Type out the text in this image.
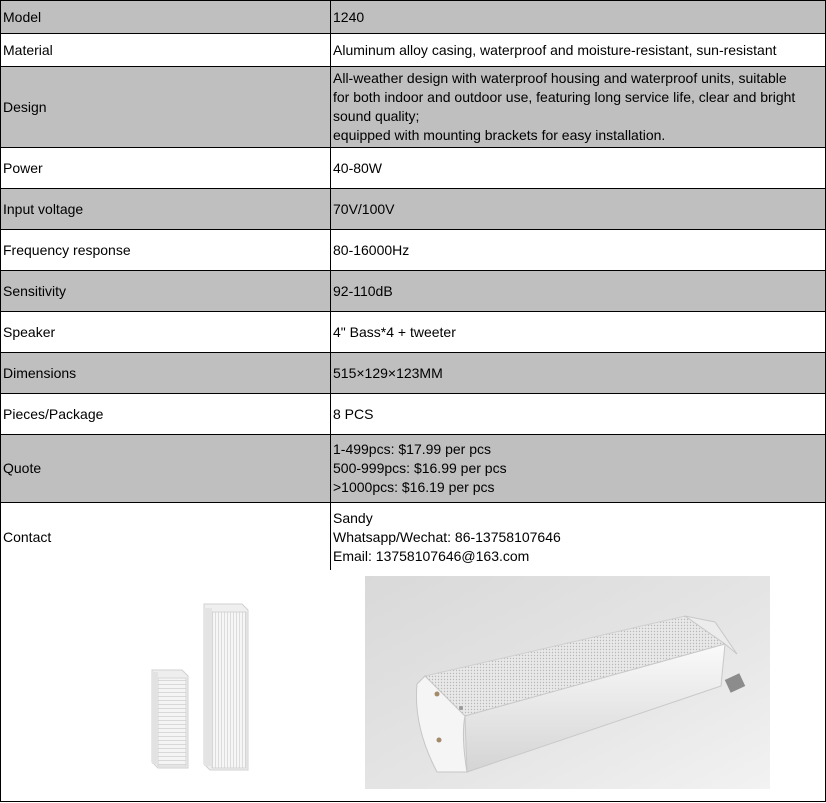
Model	1240
Material	Aluminum alloy casing, waterproof and moisture-resistant, sun-resistant
Design	All-weather design with waterproof housing and waterproof units, suitable
for both indoor and outdoor use, featuring long service life, clear and bright
sound quality;
equipped with mounting brackets for easy installation.
Power	40-80W
Input voltage	70V/100V
Frequency response	80-16000Hz
Sensitivity	92-110dB
Speaker	4" Bass*4 + tweeter
Dimensions	515×129×123MM
Pieces/Package	8 PCS
Quote	1-499pcs: $17.99 per pcs
500-999pcs: $16.99 per pcs
>1000pcs: $16.19 per pcs
Contact	Sandy
Whatsapp/Wechat: 86-13758107646
Email: 13758107646@163.com
